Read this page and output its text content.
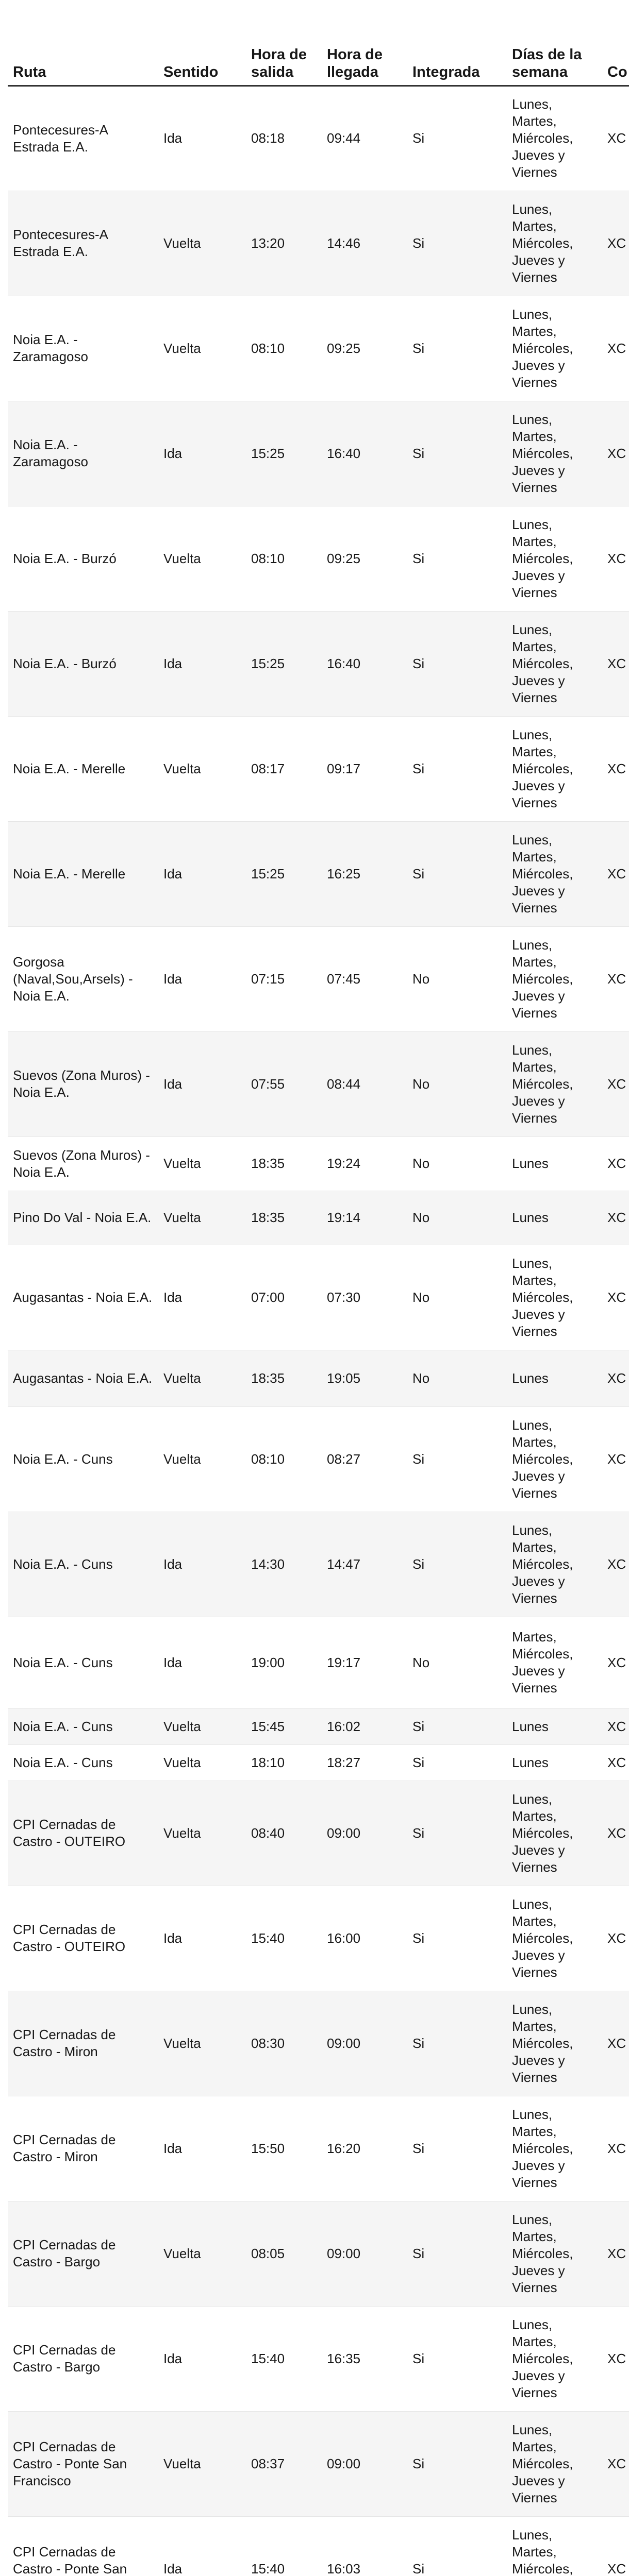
Ruta	Sentido	Hora de salida	Hora de llegada	Integrada	Días de la semana	Co
Pontecesures-A Estrada E.A.	Ida	08:18	09:44	Si	Lunes, Martes, Miércoles, Jueves y Viernes	XC
Pontecesures-A Estrada E.A.	Vuelta	13:20	14:46	Si	Lunes, Martes, Miércoles, Jueves y Viernes	XC
Noia E.A. - Zaramagoso	Vuelta	08:10	09:25	Si	Lunes, Martes, Miércoles, Jueves y Viernes	XC
Noia E.A. - Zaramagoso	Ida	15:25	16:40	Si	Lunes, Martes, Miércoles, Jueves y Viernes	XC
Noia E.A. - Burzó	Vuelta	08:10	09:25	Si	Lunes, Martes, Miércoles, Jueves y Viernes	XC
Noia E.A. - Burzó	Ida	15:25	16:40	Si	Lunes, Martes, Miércoles, Jueves y Viernes	XC
Noia E.A. - Merelle	Vuelta	08:17	09:17	Si	Lunes, Martes, Miércoles, Jueves y Viernes	XC
Noia E.A. - Merelle	Ida	15:25	16:25	Si	Lunes, Martes, Miércoles, Jueves y Viernes	XC
Gorgosa (Naval,Sou,Arsels) - Noia E.A.	Ida	07:15	07:45	No	Lunes, Martes, Miércoles, Jueves y Viernes	XC
Suevos (Zona Muros) - Noia E.A.	Ida	07:55	08:44	No	Lunes, Martes, Miércoles, Jueves y Viernes	XC
Suevos (Zona Muros) - Noia E.A.	Vuelta	18:35	19:24	No	Lunes	XC
Pino Do Val - Noia E.A.	Vuelta	18:35	19:14	No	Lunes	XC
Augasantas - Noia E.A.	Ida	07:00	07:30	No	Lunes, Martes, Miércoles, Jueves y Viernes	XC
Augasantas - Noia E.A.	Vuelta	18:35	19:05	No	Lunes	XC
Noia E.A. - Cuns	Vuelta	08:10	08:27	Si	Lunes, Martes, Miércoles, Jueves y Viernes	XC
Noia E.A. - Cuns	Ida	14:30	14:47	Si	Lunes, Martes, Miércoles, Jueves y Viernes	XC
Noia E.A. - Cuns	Ida	19:00	19:17	No	Martes, Miércoles, Jueves y Viernes	XC
Noia E.A. - Cuns	Vuelta	15:45	16:02	Si	Lunes	XC
Noia E.A. - Cuns	Vuelta	18:10	18:27	Si	Lunes	XC
CPI Cernadas de Castro - OUTEIRO	Vuelta	08:40	09:00	Si	Lunes, Martes, Miércoles, Jueves y Viernes	XC
CPI Cernadas de Castro - OUTEIRO	Ida	15:40	16:00	Si	Lunes, Martes, Miércoles, Jueves y Viernes	XC
CPI Cernadas de Castro - Miron	Vuelta	08:30	09:00	Si	Lunes, Martes, Miércoles, Jueves y Viernes	XC
CPI Cernadas de Castro - Miron	Ida	15:50	16:20	Si	Lunes, Martes, Miércoles, Jueves y Viernes	XC
CPI Cernadas de Castro - Bargo	Vuelta	08:05	09:00	Si	Lunes, Martes, Miércoles, Jueves y Viernes	XC
CPI Cernadas de Castro - Bargo	Ida	15:40	16:35	Si	Lunes, Martes, Miércoles, Jueves y Viernes	XC
CPI Cernadas de Castro - Ponte San Francisco	Vuelta	08:37	09:00	Si	Lunes, Martes, Miércoles, Jueves y Viernes	XC
CPI Cernadas de Castro - Ponte San	Ida	15:40	16:03	Si	Lunes, Martes, Miércoles,	XC
